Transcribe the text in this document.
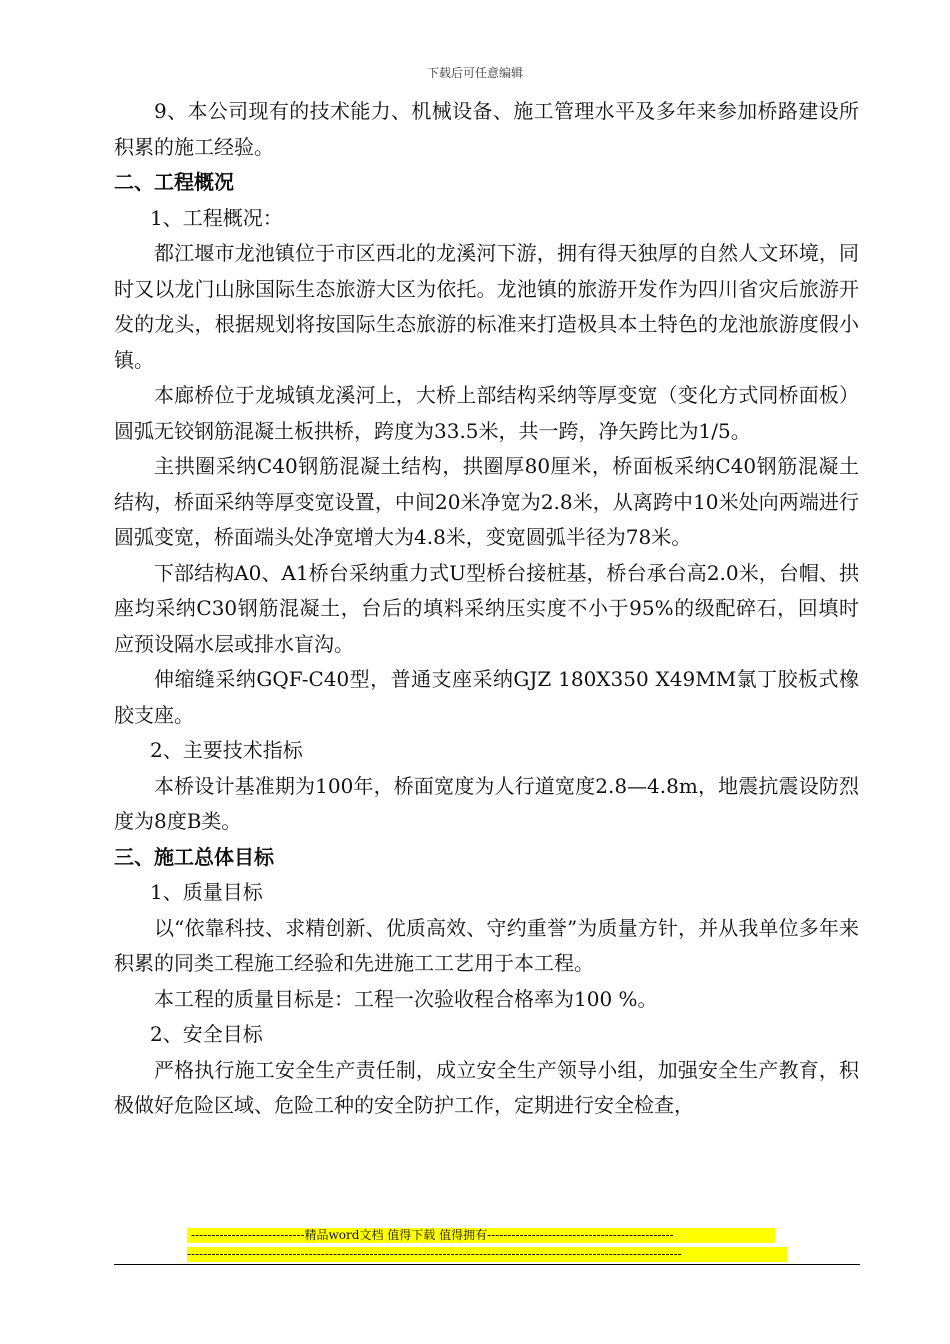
下载后可任意编辑

9、本公司现有的技术能力、机械设备、施工管理水平及多年来参加桥路建设所积累的施工经验。

二、工程概况

1、工程概况：

都江堰市龙池镇位于市区西北的龙溪河下游，拥有得天独厚的自然人文环境，同时又以龙门山脉国际生态旅游大区为依托。龙池镇的旅游开发作为四川省灾后旅游开发的龙头，根据规划将按国际生态旅游的标准来打造极具本土特色的龙池旅游度假小镇。

本廊桥位于龙城镇龙溪河上，大桥上部结构采纳等厚变宽（变化方式同桥面板）圆弧无铰钢筋混凝土板拱桥，跨度为33.5米，共一跨，净矢跨比为1/5。

主拱圈采纳C40钢筋混凝土结构，拱圈厚80厘米，桥面板采纳C40钢筋混凝土结构，桥面采纳等厚变宽设置，中间20米净宽为2.8米，从离跨中10米处向两端进行圆弧变宽，桥面端头处净宽增大为4.8米，变宽圆弧半径为78米。

下部结构A0、A1桥台采纳重力式U型桥台接桩基，桥台承台高2.0米，台帽、拱座均采纳C30钢筋混凝土，台后的填料采纳压实度不小于95%的级配碎石，回填时应预设隔水层或排水盲沟。

伸缩缝采纳GQF-C40型，普通支座采纳GJZ 180X350 X49MM氯丁胶板式橡胶支座。

2、主要技术指标

本桥设计基准期为100年，桥面宽度为人行道宽度2.8—4.8m，地震抗震设防烈度为8度B类。

三、施工总体目标

1、质量目标

以“依靠科技、求精创新、优质高效、守约重誉”为质量方针，并从我单位多年来积累的同类工程施工经验和先进施工工艺用于本工程。

本工程的质量目标是：工程一次验收程合格率为100 %。

2、安全目标

严格执行施工安全生产责任制，成立安全生产领导小组，加强安全生产教育，积极做好危险区域、危险工种的安全防护工作，定期进行安全检查，

----------------------------精品word文档 值得下载 值得拥有----------------------------------------------
--------------------------------------------------------------------------------------------------------------------------
